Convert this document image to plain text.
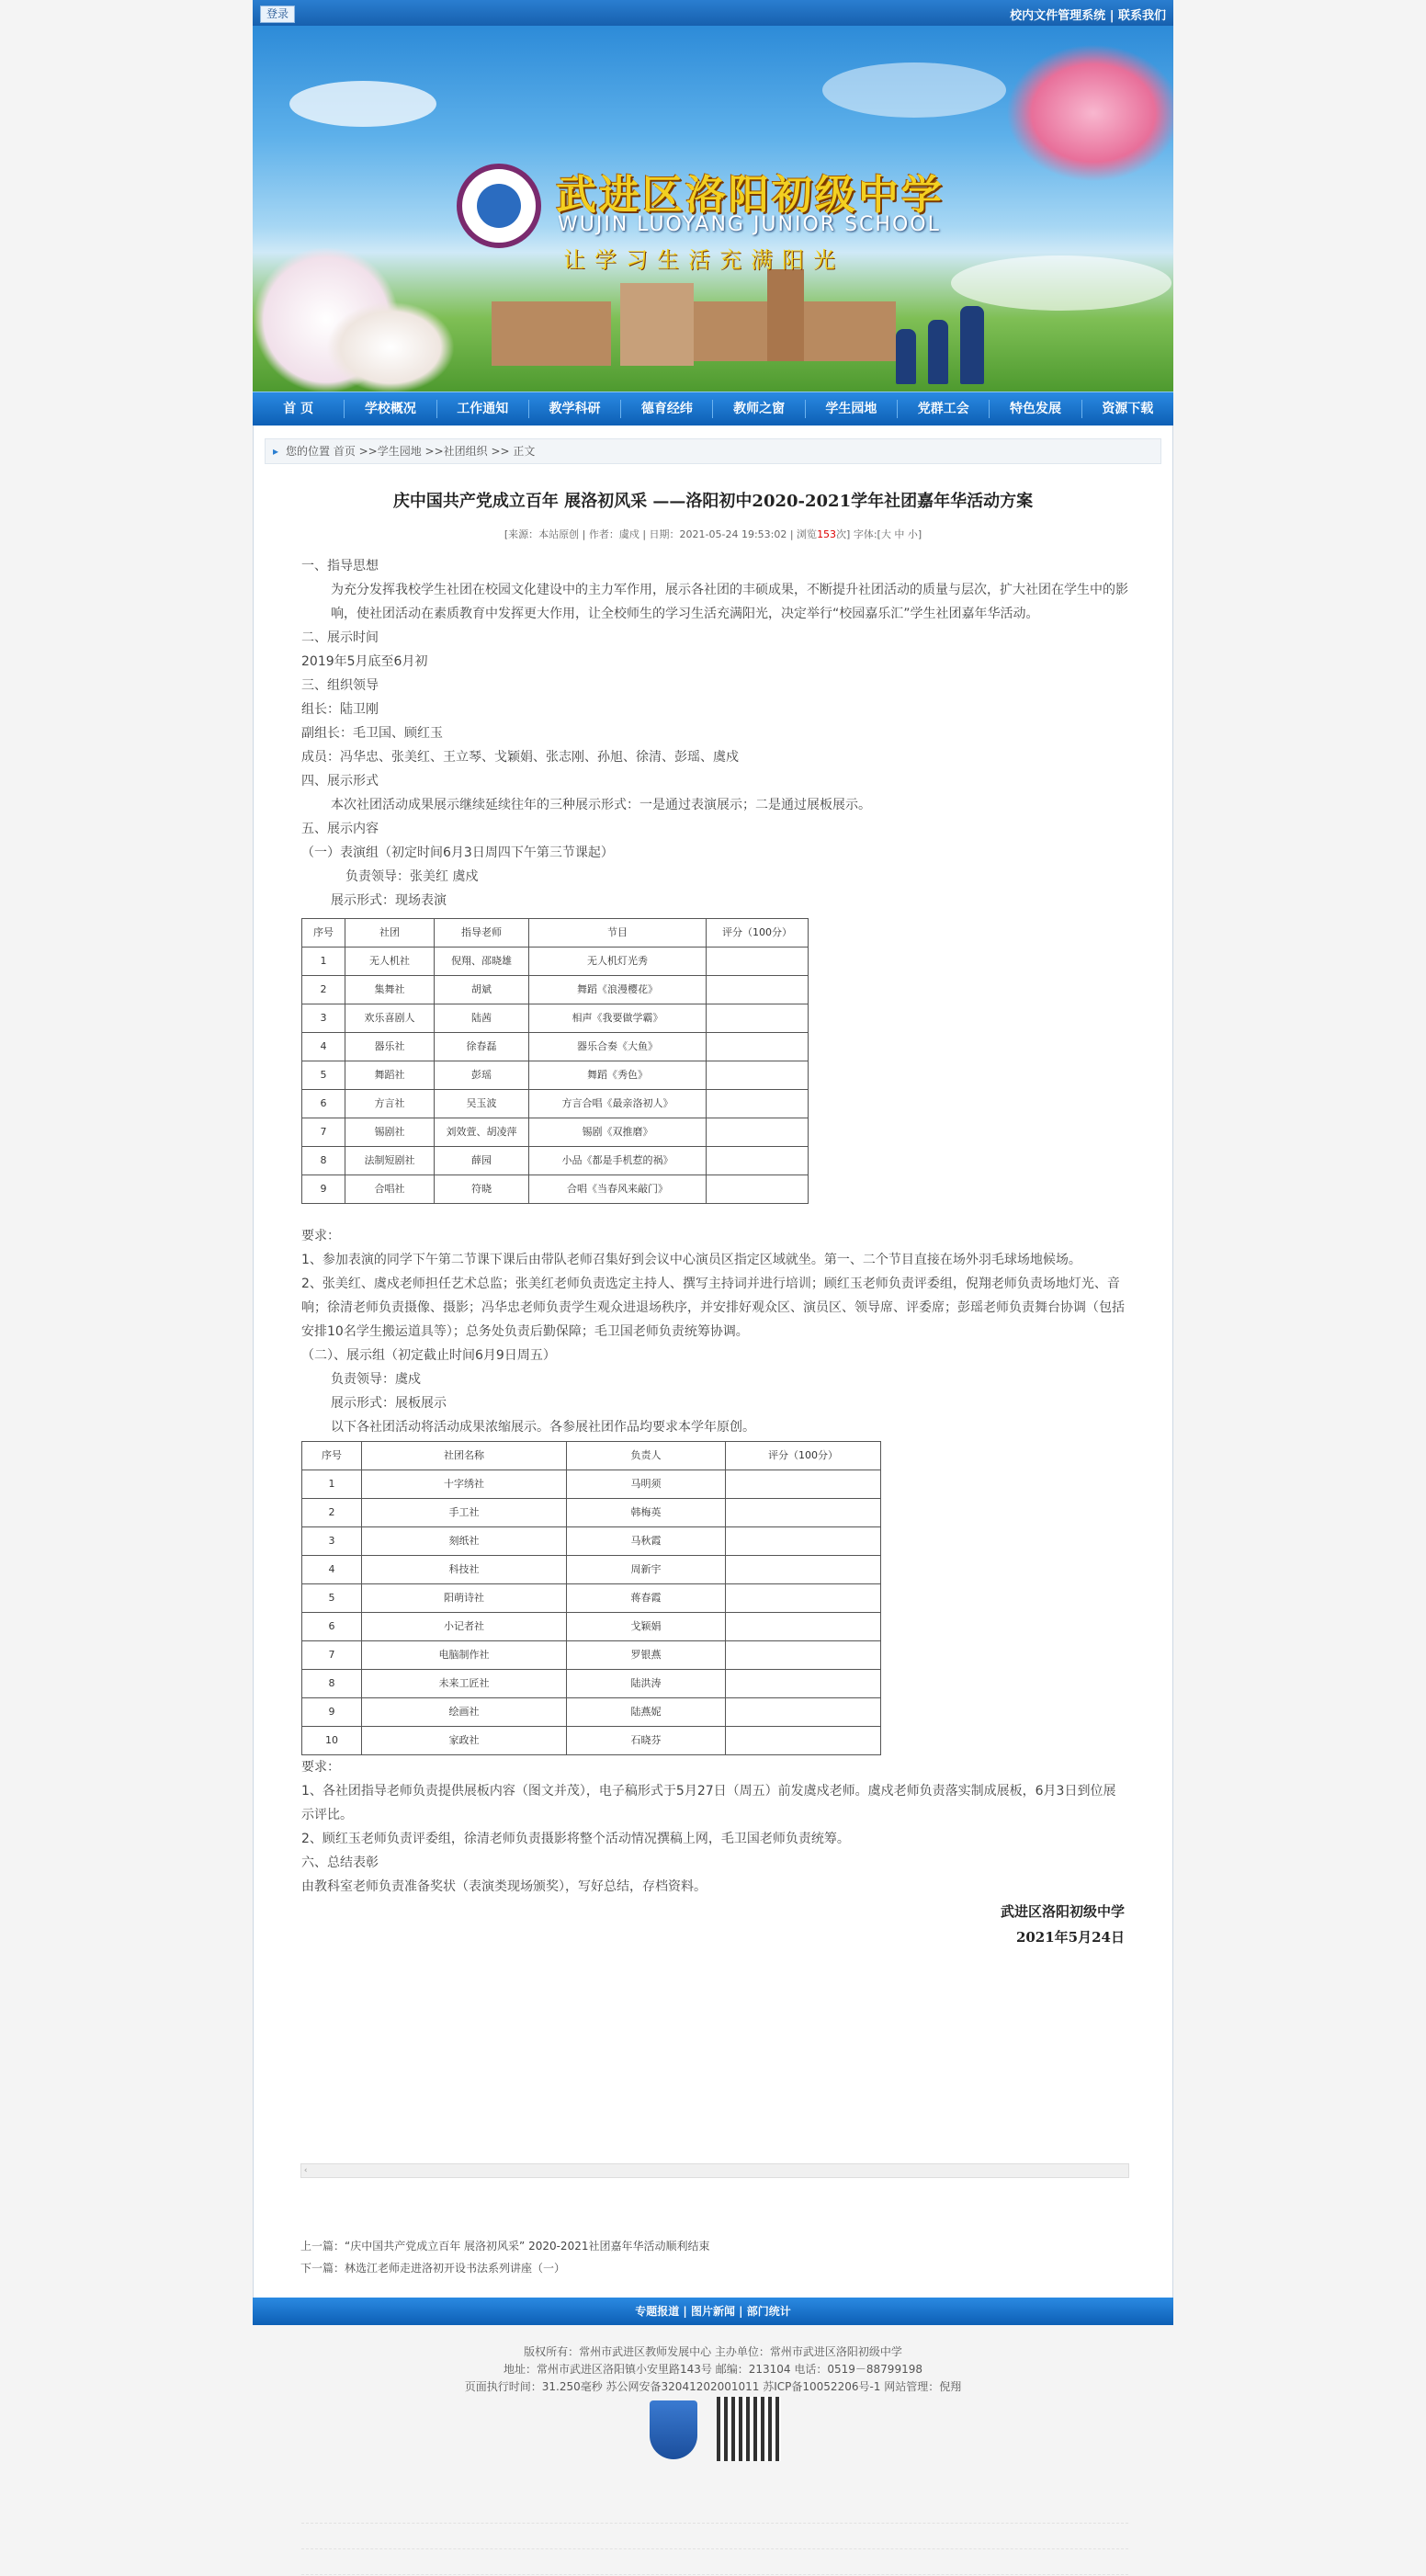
登录	校内文件管理系统 | 联系我们
武进区洛阳初级中学
WUJIN LUOYANG JUNIOR SCHOOL
让学习生活充满阳光
首 页	学校概况	工作通知	教学科研	德育经纬	教师之窗	学生园地	党群工会	特色发展	资源下载
▸ 您的位置 首页 >>学生园地 >>社团组织 >> 正文
庆中国共产党成立百年 展洛初风采 ——洛阳初中2020-2021学年社团嘉年华活动方案
[来源：本站原创 | 作者：虞戍 | 日期：2021-05-24 19:53:02 | 浏览153次] 字体:[大 中 小]

一、指导思想

为充分发挥我校学生社团在校园文化建设中的主力军作用，展示各社团的丰硕成果，不断提升社团活动的质量与层次，扩大社团在学生中的影响，使社团活动在素质教育中发挥更大作用，让全校师生的学习生活充满阳光，决定举行“校园嘉乐汇”学生社团嘉年华活动。

二、展示时间

2019年5月底至6月初

三、组织领导

组长：陆卫刚

副组长：毛卫国、顾红玉

成员：冯华忠、张美红、王立琴、戈颖娟、张志刚、孙旭、徐清、彭瑶、虞戍

四、展示形式

本次社团活动成果展示继续延续往年的三种展示形式：一是通过表演展示；二是通过展板展示。

五、展示内容

（一）表演组（初定时间6月3日周四下午第三节课起）

负责领导：张美红 虞戍

展示形式：现场表演

序号	社团	指导老师	节目	评分（100分）
1	无人机社	倪翔、邵晓雄	无人机灯光秀	
2	集舞社	胡斌	舞蹈《浪漫樱花》	
3	欢乐喜剧人	陆茜	相声《我要做学霸》	
4	器乐社	徐春磊	器乐合奏《大鱼》	
5	舞蹈社	彭瑶	舞蹈《秀色》	
6	方言社	吴玉波	方言合唱《最亲洛初人》	
7	锡剧社	刘效萱、胡凌萍	锡剧《双推磨》	
8	法制短剧社	薛园	小品《都是手机惹的祸》	
9	合唱社	符晓	合唱《当春风来敲门》	

要求：

1、参加表演的同学下午第二节课下课后由带队老师召集好到会议中心演员区指定区域就坐。第一、二个节目直接在场外羽毛球场地候场。

2、张美红、虞戍老师担任艺术总监；张美红老师负责选定主持人、撰写主持词并进行培训；顾红玉老师负责评委组，倪翔老师负责场地灯光、音响；徐清老师负责摄像、摄影；冯华忠老师负责学生观众进退场秩序，并安排好观众区、演员区、领导席、评委席；彭瑶老师负责舞台协调（包括安排10名学生搬运道具等）；总务处负责后勤保障；毛卫国老师负责统筹协调。

（二）、展示组（初定截止时间6月9日周五）

负责领导：虞戍

展示形式：展板展示

以下各社团活动将活动成果浓缩展示。各参展社团作品均要求本学年原创。

序号	社团名称	负责人	评分（100分）
1	十字绣社	马明须	
2	手工社	韩梅英	
3	刻纸社	马秋霞	
4	科技社	周新宇	
5	阳萌诗社	蒋春霞	
6	小记者社	戈颖娟	
7	电脑制作社	罗银燕	
8	未来工匠社	陆洪涛	
9	绘画社	陆燕妮	
10	家政社	石晓芬	

要求：

1、各社团指导老师负责提供展板内容（图文并茂），电子稿形式于5月27日（周五）前发虞戍老师。虞戍老师负责落实制成展板，6月3日到位展示评比。

2、顾红玉老师负责评委组，徐清老师负责摄影将整个活动情况撰稿上网，毛卫国老师负责统筹。

六、总结表彰

由教科室老师负责准备奖状（表演类现场颁奖），写好总结，存档资料。

武进区洛阳初级中学
2021年5月24日
‹
上一篇：“庆中国共产党成立百年 展洛初风采” 2020-2021社团嘉年华活动顺利结束
下一篇：林选江老师走进洛初开设书法系列讲座（一）
专题报道 | 图片新闻 | 部门统计
版权所有：常州市武进区教师发展中心 主办单位：常州市武进区洛阳初级中学
地址：常州市武进区洛阳镇小安里路143号 邮编：213104 电话：0519－88799198
页面执行时间：31.250毫秒 苏公网安备32041202001011 苏ICP备10052206号-1 网站管理：倪翔
